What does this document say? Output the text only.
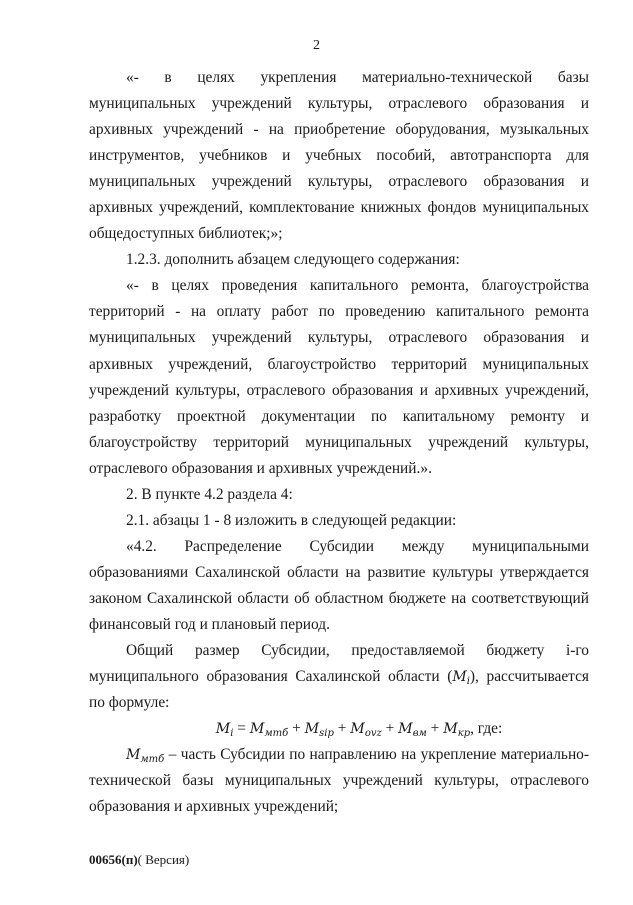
2

«- в целях укрепления материально-технической базы муниципальных учреждений культуры, отраслевого образования и архивных учреждений - на приобретение оборудования, музыкальных инструментов, учебников и учебных пособий, автотранспорта для муниципальных учреждений культуры, отраслевого образования и архивных учреждений, комплектование книжных фондов муниципальных общедоступных библиотек;»;

1.2.3. дополнить абзацем следующего содержания:

«- в целях проведения капитального ремонта, благоустройства территорий - на оплату работ по проведению капитального ремонта муниципальных учреждений культуры, отраслевого образования и архивных учреждений, благоустройство территорий муниципальных учреждений культуры, отраслевого образования и архивных учреждений, разработку проектной документации по капитальному ремонту и благоустройству территорий муниципальных учреждений культуры, отраслевого образования и архивных учреждений.».

2. В пункте 4.2 раздела 4:

2.1. абзацы 1 - 8 изложить в следующей редакции:

«4.2. Распределение Субсидии между муниципальными образованиями Сахалинской области на развитие культуры утверждается законом Сахалинской области об областном бюджете на соответствующий финансовый год и плановый период.

Общий размер Субсидии, предоставляемой бюджету i-го муниципального образования Сахалинской области $(M_i)$, рассчитывается по формуле:

$M_i = M_{мтб} + M_{sip} + M_{ovz} + M_{вм} + M_{кр}$, где:

$M_{мтб}$ – часть Субсидии по направлению на укрепление материально-технической базы муниципальных учреждений культуры, отраслевого образования и архивных учреждений;

00656(п)( Версия)
